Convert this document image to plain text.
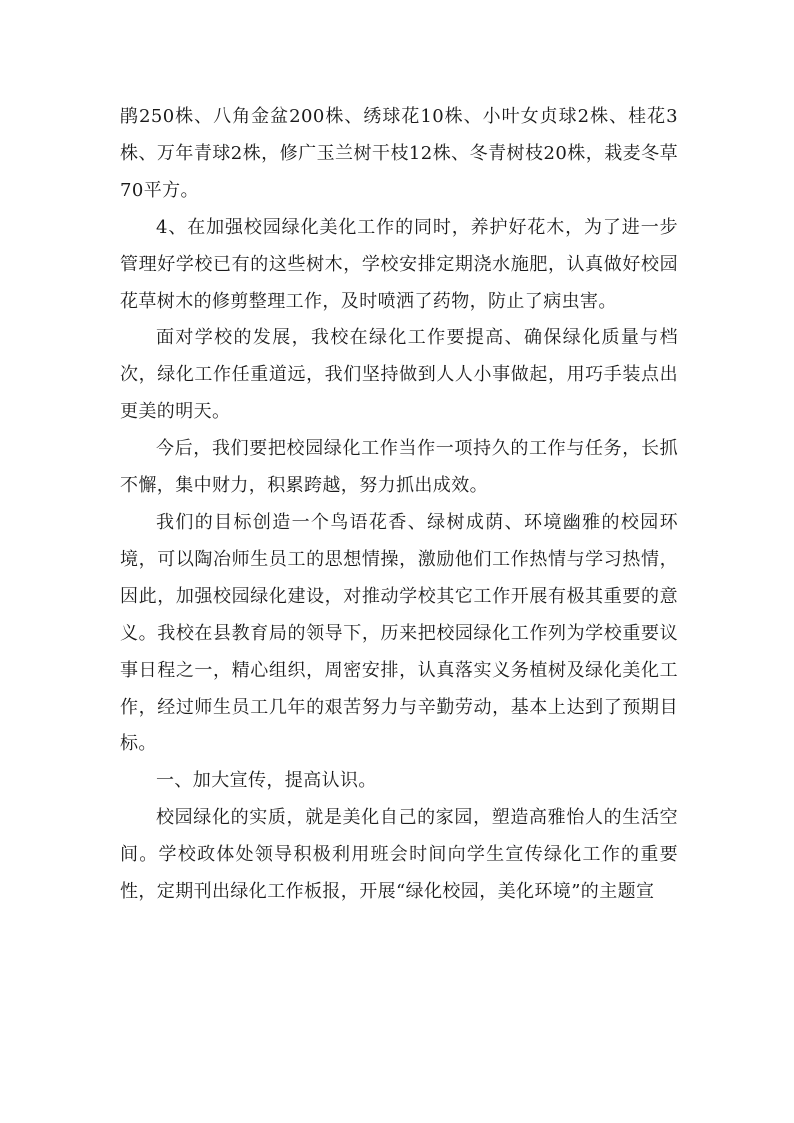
鹃250株、八角金盆200株、绣球花10株、小叶女贞球2株、桂花3株、万年青球2株，修广玉兰树干枝12株、冬青树枝20株，栽麦冬草70平方。

4、在加强校园绿化美化工作的同时，养护好花木，为了进一步管理好学校已有的这些树木，学校安排定期浇水施肥，认真做好校园花草树木的修剪整理工作，及时喷洒了药物，防止了病虫害。

面对学校的发展，我校在绿化工作要提高、确保绿化质量与档次，绿化工作任重道远，我们坚持做到人人小事做起，用巧手装点出更美的明天。

今后，我们要把校园绿化工作当作一项持久的工作与任务，长抓不懈，集中财力，积累跨越，努力抓出成效。

我们的目标创造一个鸟语花香、绿树成荫、环境幽雅的校园环境，可以陶冶师生员工的思想情操，激励他们工作热情与学习热情，因此，加强校园绿化建设，对推动学校其它工作开展有极其重要的意义。我校在县教育局的领导下，历来把校园绿化工作列为学校重要议事日程之一，精心组织，周密安排，认真落实义务植树及绿化美化工作，经过师生员工几年的艰苦努力与辛勤劳动，基本上达到了预期目标。

一、加大宣传，提高认识。

校园绿化的实质，就是美化自己的家园，塑造高雅怡人的生活空间。学校政体处领导积极利用班会时间向学生宣传绿化工作的重要性，定期刊出绿化工作板报，开展“绿化校园，美化环境”的主题宣
